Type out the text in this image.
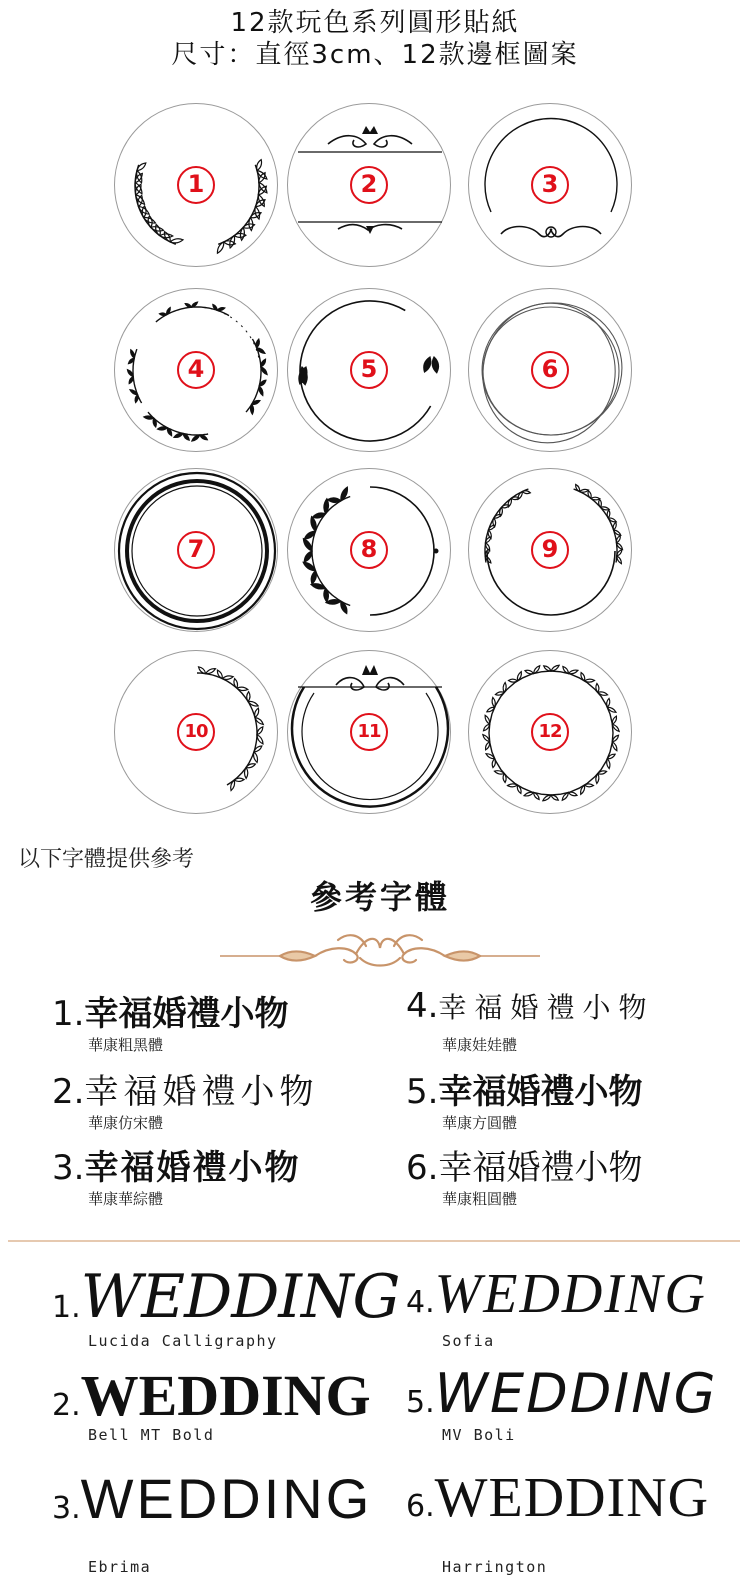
12款玩色系列圓形貼紙
尺寸：直徑3cm、12款邊框圖案
1	2	3
4	5	6
7	8	9
10	11	12
以下字體提供參考
參考字體
1.幸福婚禮小物
華康粗黑體
2.幸福婚禮小物
華康仿宋體
3.幸福婚禮小物
華康華綜體
4.幸福婚禮小物
華康娃娃體
5.幸福婚禮小物
華康方圓體
6.幸福婚禮小物
華康粗圓體
1.WEDDING
Lucida Calligraphy
2.WEDDING
Bell MT Bold
3.WEDDING
Ebrima
4.WEDDING
Sofia
5.WEDDING
MV Boli
6.WEDDING
Harrington
